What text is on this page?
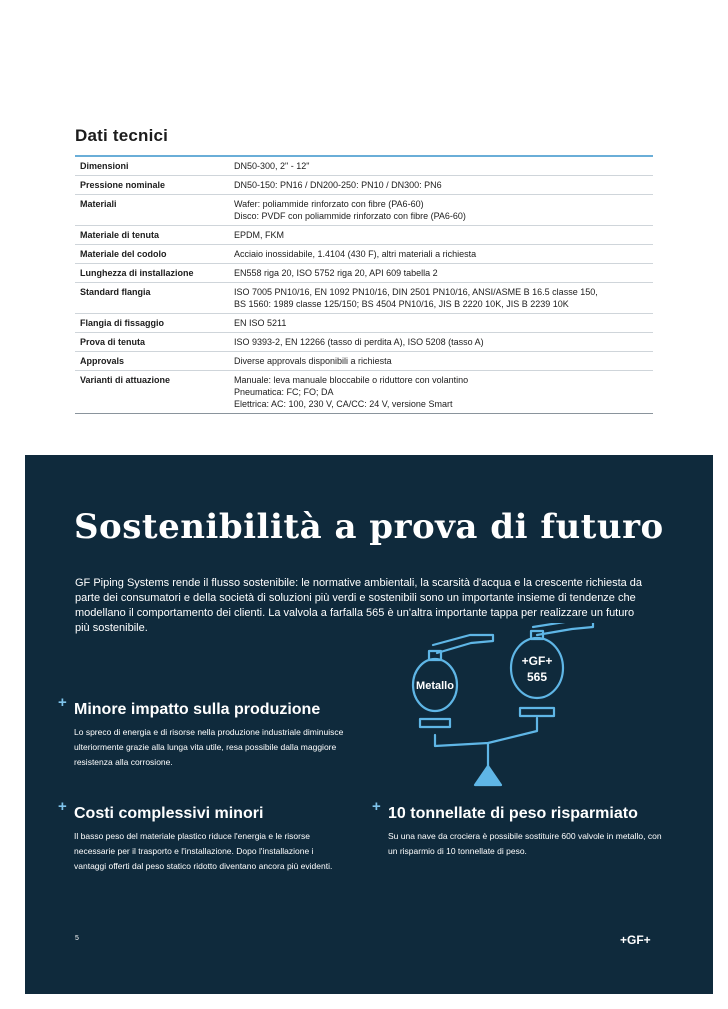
Dati tecnici
Dimensioni	DN50-300, 2" - 12"

Pressione nominale	DN50-150: PN16 / DN200-250: PN10 / DN300: PN6

Materiali	Wafer: poliammide rinforzato con fibre (PA6-60)
Disco: PVDF con poliammide rinforzato con fibre (PA6-60)

Materiale di tenuta	EPDM, FKM

Materiale del codolo	Acciaio inossidabile, 1.4104 (430 F), altri materiali a richiesta

Lunghezza di installazione	EN558 riga 20, ISO 5752 riga 20, API 609 tabella 2

Standard flangia	ISO 7005 PN10/16, EN 1092 PN10/16, DIN 2501 PN10/16, ANSI/ASME B 16.5 classe 150,
BS 1560: 1989 classe 125/150; BS 4504 PN10/16, JIS B 2220 10K, JIS B 2239 10K

Flangia di fissaggio	EN ISO 5211

Prova di tenuta	ISO 9393-2, EN 12266 (tasso di perdita A), ISO 5208 (tasso A)

Approvals	Diverse approvals disponibili a richiesta

Varianti di attuazione	Manuale: leva manuale bloccabile o riduttore con volantino
Pneumatica: FC; FO; DA
Elettrica: AC: 100, 230 V, CA/CC: 24 V, versione Smart
Sostenibilità a prova di futuro

GF Piping Systems rende il flusso sostenibile: le normative ambientali, la scarsità d'acqua e la crescente richiesta da parte dei consumatori e della società di soluzioni più verdi e sostenibili sono un importante insieme di tendenze che modellano il comportamento dei clienti. La valvola a farfalla 565 è un'altra importante tappa per realizzare un futuro più sostenibile.

+ Minore impatto sulla produzione

Lo spreco di energia e di risorse nella produzione industriale diminuisce ulteriormente grazie alla lunga vita utile, resa possibile dalla maggiore resistenza alla corrosione.

+ Costi complessivi minori

Il basso peso del materiale plastico riduce l'energia e le risorse necessarie per il trasporto e l'installazione. Dopo l'installazione i vantaggi offerti dal peso statico ridotto diventano ancora più evidenti.

+ 10 tonnellate di peso risparmiato

Su una nave da crociera è possibile sostituire 600 valvole in metallo, con un risparmio di 10 tonnellate di peso.

Metallo
+GF+
565
5	+GF+
